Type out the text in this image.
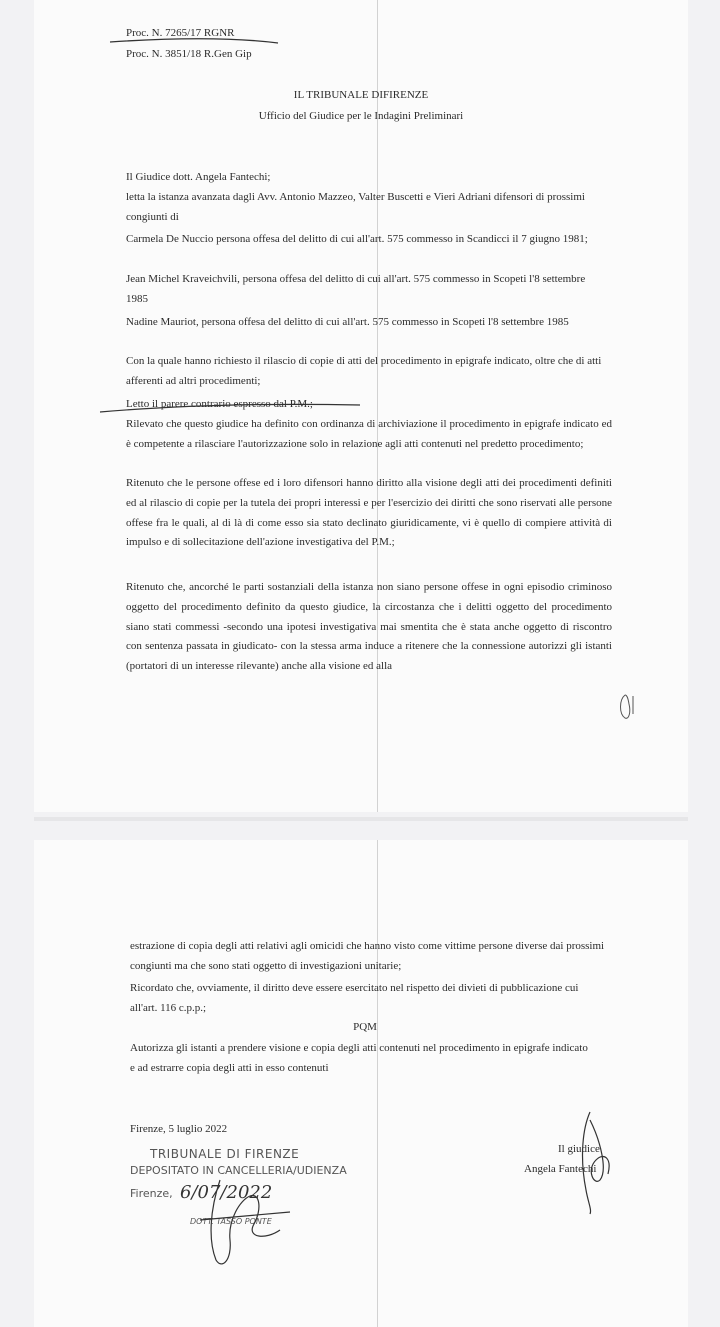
Proc. N. 7265/17 RGNR
Proc. N. 3851/18 R.Gen Gip
IL TRIBUNALE DIFIRENZE
Ufficio del Giudice per le Indagini Preliminari
Il Giudice dott. Angela Fantechi;
letta la istanza avanzata dagli Avv. Antonio Mazzeo, Valter Buscetti e Vieri Adriani difensori di prossimi congiunti di
Carmela De Nuccio persona offesa del delitto di cui all'art. 575 commesso in Scandicci il 7 giugno 1981;
Jean Michel Kraveichvili, persona offesa del delitto di cui all'art. 575 commesso in Scopeti l'8 settembre 1985
Nadine Mauriot, persona offesa del delitto di cui all'art. 575 commesso in Scopeti l'8 settembre 1985
Con la quale hanno richiesto il rilascio di copie di atti del procedimento in epigrafe indicato, oltre che di atti afferenti ad altri procedimenti;
Letto il parere contrario espresso dal P.M.;
Rilevato che questo giudice ha definito con ordinanza di archiviazione il procedimento in epigrafe indicato ed è competente a rilasciare l'autorizzazione solo in relazione agli atti contenuti nel predetto procedimento;
Ritenuto che le persone offese ed i loro difensori hanno diritto alla visione degli atti dei procedimenti definiti ed al rilascio di copie per la tutela dei propri interessi e per l'esercizio dei diritti che sono riservati alle persone offese fra le quali, al di là di come esso sia stato declinato giuridicamente, vi è quello di compiere attività di impulso e di sollecitazione dell'azione investigativa del P.M.;
Ritenuto che, ancorché le parti sostanziali della istanza non siano persone offese in ogni episodio criminoso oggetto del procedimento definito da questo giudice, la circostanza che i delitti oggetto del procedimento siano stati commessi -secondo una ipotesi investigativa mai smentita che è stata anche oggetto di riscontro con sentenza passata in giudicato- con la stessa arma induce a ritenere che la connessione autorizzi gli istanti (portatori di un interesse rilevante) anche alla visione ed alla
estrazione di copia degli atti relativi agli omicidi che hanno visto come vittime persone diverse dai prossimi congiunti ma che sono stati oggetto di investigazioni unitarie;
Ricordato che, ovviamente, il diritto deve essere esercitato nel rispetto dei divieti di pubblicazione cui all'art. 116 c.p.p.;
PQM
Autorizza gli istanti a prendere visione e copia degli atti contenuti nel procedimento in epigrafe indicato e ad estrarre copia degli atti in esso contenuti
Firenze, 5 luglio 2022
Il giudice
Angela Fantechi
TRIBUNALE DI FIRENZE
DEPOSITATO IN CANCELLERIA/UDIENZA
Firenze, 6/07/2022
DOTT. TASSO PONTE
